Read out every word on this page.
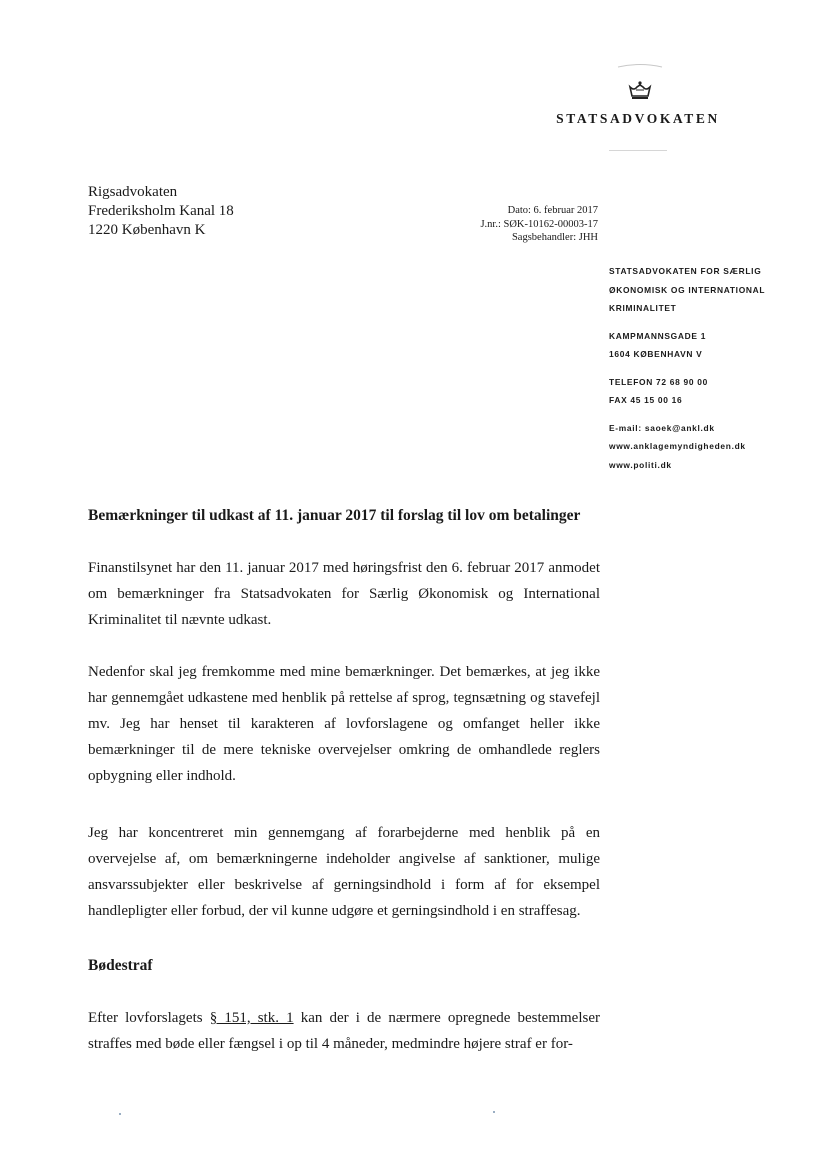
STATSADVOKATEN
Rigsadvokaten
Frederiksholm Kanal 18
1220 København K
Dato: 6. februar 2017
J.nr.: SØK-10162-00003-17
Sagsbehandler: JHH
STATSADVOKATEN FOR SÆRLIG
ØKONOMISK OG INTERNATIONAL
KRIMINALITET
KAMPMANNSGADE 1
1604 KØBENHAVN V
TELEFON 72 68 90 00
FAX 45 15 00 16
E-mail: saoek@ankl.dk
www.anklagemyndigheden.dk
www.politi.dk
Bemærkninger til udkast af 11. januar 2017 til forslag til lov om betalinger
Finanstilsynet har den 11. januar 2017 med høringsfrist den 6. februar 2017 anmodet om bemærkninger fra Statsadvokaten for Særlig Økonomisk og International Kriminalitet til nævnte udkast.
Nedenfor skal jeg fremkomme med mine bemærkninger. Det bemærkes, at jeg ikke har gennemgået udkastene med henblik på rettelse af sprog, tegnsætning og stavefejl mv. Jeg har henset til karakteren af lovforslagene og omfanget heller ikke bemærkninger til de mere tekniske overvejelser omkring de omhandlede reglers opbygning eller indhold.
Jeg har koncentreret min gennemgang af forarbejderne med henblik på en overvejelse af, om bemærkningerne indeholder angivelse af sanktioner, mulige ansvarssubjekter eller beskrivelse af gerningsindhold i form af for eksempel handlepligter eller forbud, der vil kunne udgøre et gerningsindhold i en straffesag.
Bødestraf
Efter lovforslagets § 151, stk. 1 kan der i de nærmere opregnede bestemmelser straffes med bøde eller fængsel i op til 4 måneder, medmindre højere straf er for-
